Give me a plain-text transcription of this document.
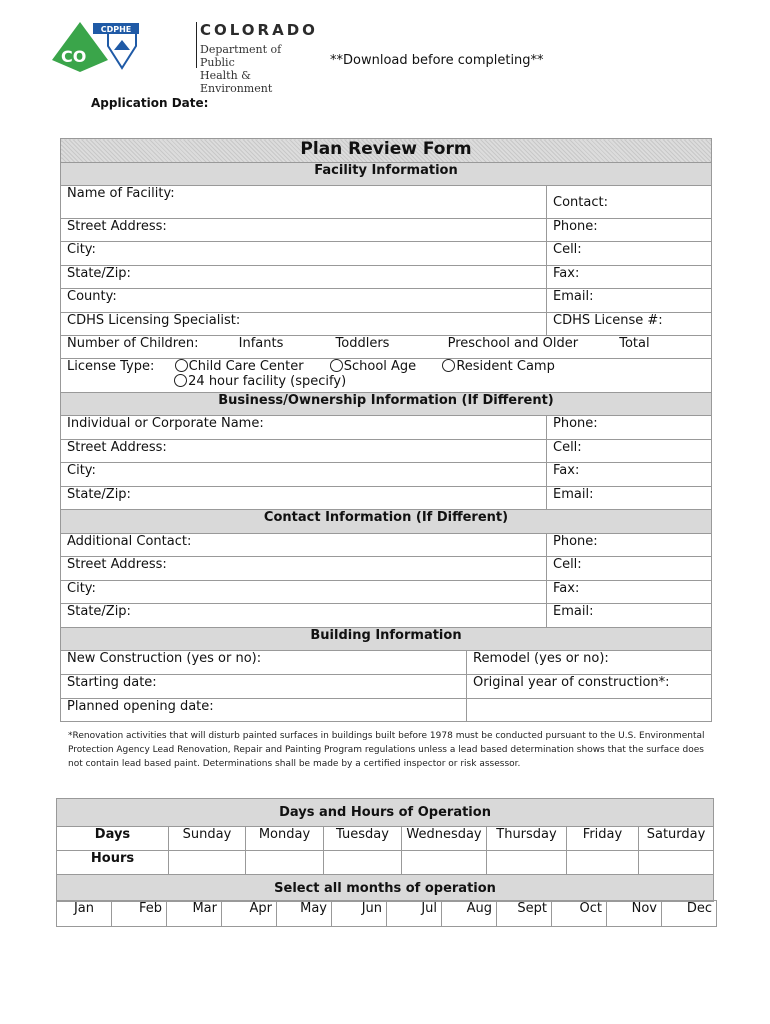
CDPHE
CO
COLORADO
Department of Public
Health & Environment
**Download before completing**
Application Date:
Plan Review Form		
Facility Information		
Name of Facility:		Contact:
Street Address:		Phone:
City:		Cell:
State/Zip:		Fax:
County:		Email:
CDHS Licensing Specialist:		CDHS License #:
Number of Children: Infants Toddlers Preschool and Older Total		
License Type: Child Care Center School Age Resident Camp
24 hour facility (specify)		
Business/Ownership Information (If Different)		
Individual or Corporate Name:		Phone:
Street Address:		Cell:
City:		Fax:
State/Zip:		Email:
Contact Information (If Different)		
Additional Contact:		Phone:
Street Address:		Cell:
City:		Fax:
State/Zip:		Email:
Building Information		
New Construction (yes or no):	Remodel (yes or no):	
Starting date:	Original year of construction*:	
Planned opening date:		
*Renovation activities that will disturb painted surfaces in buildings built before 1978 must be conducted pursuant to the U.S. Environmental Protection Agency Lead Renovation, Repair and Painting Program regulations unless a lead based determination shows that the surface does not contain lead based paint. Determinations shall be made by a certified inspector or risk assessor.
Days and Hours of Operation							
Days	Sunday	Monday	Tuesday	Wednesday	Thursday	Friday	Saturday
Hours							
Select all months of operation							
Jan	Feb	Mar	Apr	May	Jun	Jul	Aug	Sept	Oct	Nov	Dec
